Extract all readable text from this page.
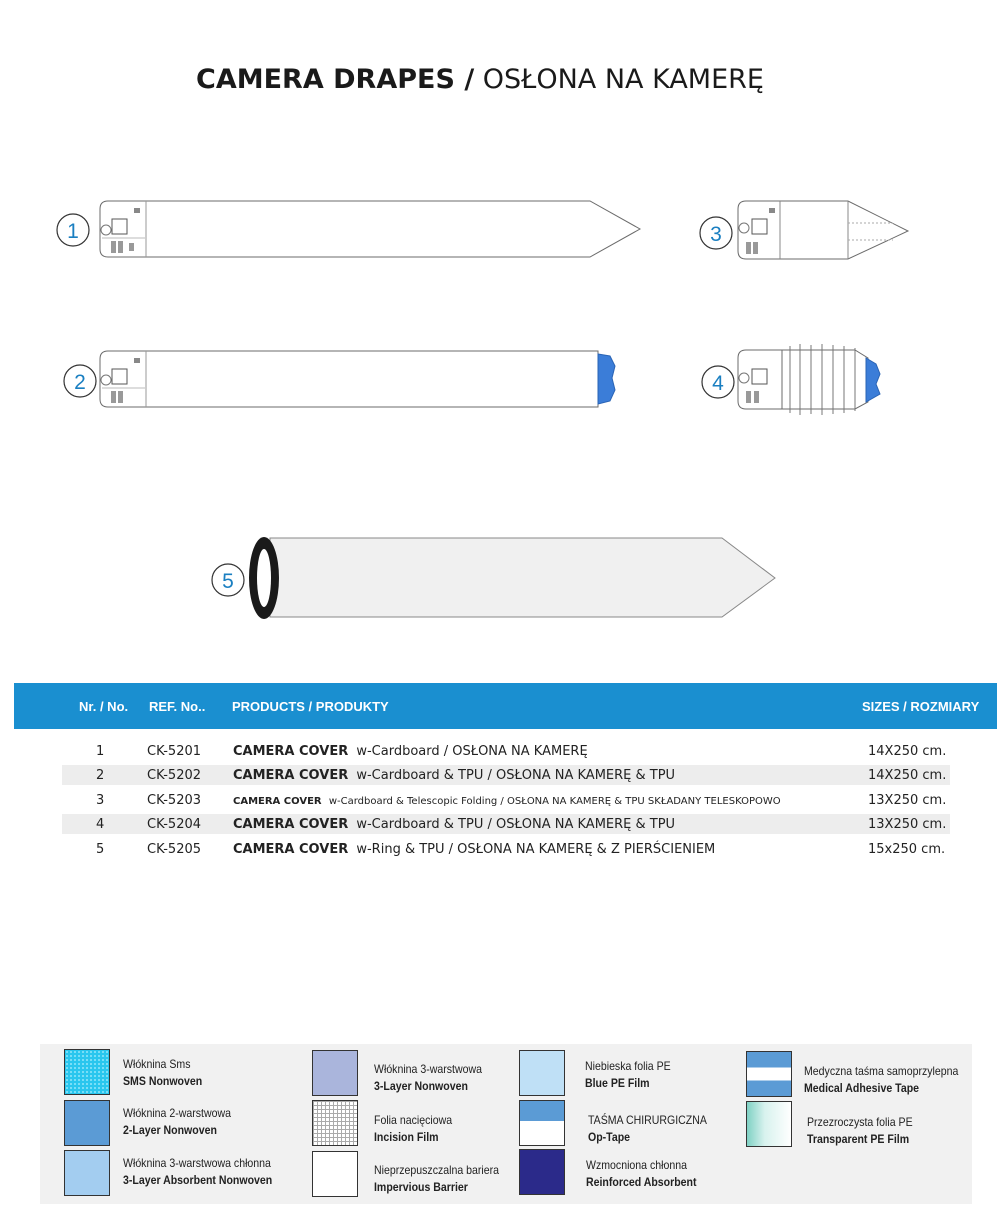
CAMERA DRAPES / OSŁONA NA KAMERĘ
1
2
3
4
5
Nr. / No. REF. No.. PRODUCTS / PRODUKTY	SIZES / ROZMIARY
1	CK-5201 CAMERA COVER w-Cardboard / OSŁONA NA KAMERĘ	14X250 cm.
2	CK-5202 CAMERA COVER w-Cardboard & TPU / OSŁONA NA KAMERĘ & TPU	14X250 cm.
3	CK-5203	CAMERA COVER w-Cardboard & Telescopic Folding / OSŁONA NA KAMERĘ & TPU SKŁADANY TELESKOPOWO	13X250 cm.
4	CK-5204 CAMERA COVER w-Cardboard & TPU / OSŁONA NA KAMERĘ & TPU	13X250 cm.
5	CK-5205 CAMERA COVER w-Ring & TPU / OSŁONA NA KAMERĘ & Z PIERŚCIENIEM	15x250 cm.
Włóknina Sms
SMS Nonwoven
Włóknina 2-warstwowa
2-Layer Nonwoven
Włóknina 3-warstwowa chłonna
3-Layer Absorbent Nonwoven
Włóknina 3-warstwowa
3-Layer Nonwoven
Folia nacięciowa
Incision Film
Nieprzepuszczalna bariera
Impervious Barrier
Niebieska folia PE
Blue PE Film
TAŚMA CHIRURGICZNA
Op-Tape
Wzmocniona chłonna
Reinforced Absorbent
Medyczna taśma samoprzylepna
Medical Adhesive Tape
Przezroczysta folia PE
Transparent PE Film
